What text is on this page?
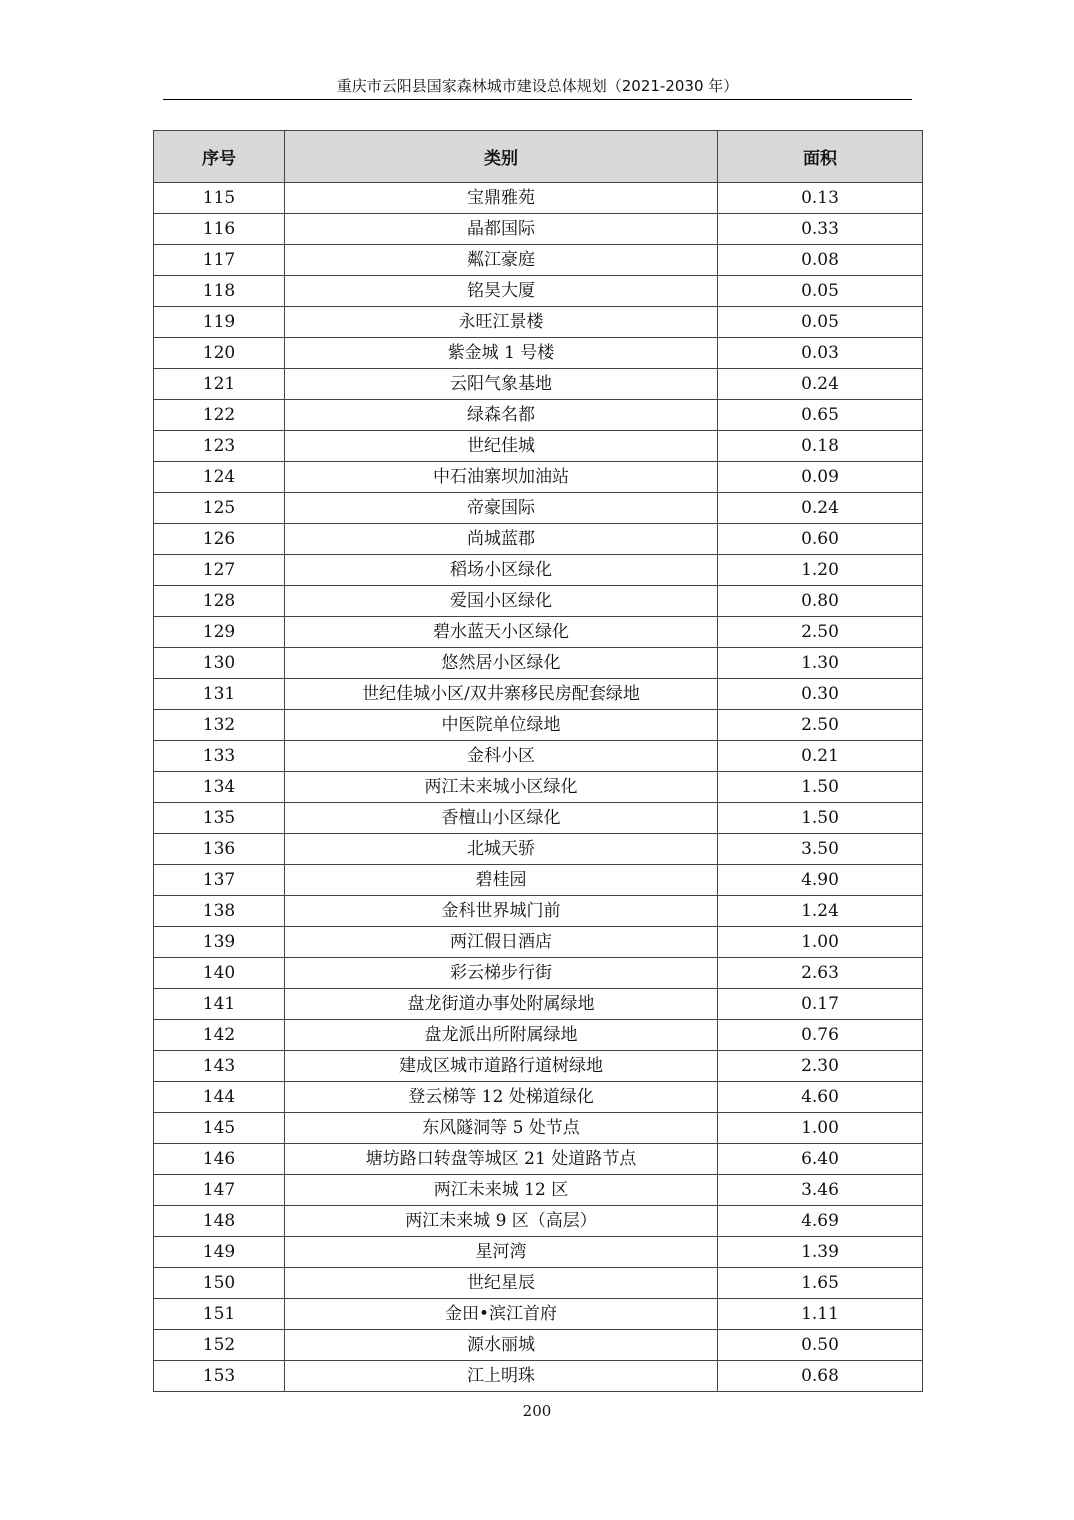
重庆市云阳县国家森林城市建设总体规划（2021-2030 年）
序号	类别	面积
115	宝鼎雅苑	0.13
116	晶都国际	0.33
117	粼江豪庭	0.08
118	铭昊大厦	0.05
119	永旺江景楼	0.05
120	紫金城 1 号楼	0.03
121	云阳气象基地	0.24
122	绿森名都	0.65
123	世纪佳城	0.18
124	中石油寨坝加油站	0.09
125	帝豪国际	0.24
126	尚城蓝郡	0.60
127	稻场小区绿化	1.20
128	爱国小区绿化	0.80
129	碧水蓝天小区绿化	2.50
130	悠然居小区绿化	1.30
131	世纪佳城小区/双井寨移民房配套绿地	0.30
132	中医院单位绿地	2.50
133	金科小区	0.21
134	两江未来城小区绿化	1.50
135	香檀山小区绿化	1.50
136	北城天骄	3.50
137	碧桂园	4.90
138	金科世界城门前	1.24
139	两江假日酒店	1.00
140	彩云梯步行街	2.63
141	盘龙街道办事处附属绿地	0.17
142	盘龙派出所附属绿地	0.76
143	建成区城市道路行道树绿地	2.30
144	登云梯等 12 处梯道绿化	4.60
145	东风隧洞等 5 处节点	1.00
146	塘坊路口转盘等城区 21 处道路节点	6.40
147	两江未来城 12 区	3.46
148	两江未来城 9 区（高层）	4.69
149	星河湾	1.39
150	世纪星辰	1.65
151	金田•滨江首府	1.11
152	源水丽城	0.50
153	江上明珠	0.68
200
